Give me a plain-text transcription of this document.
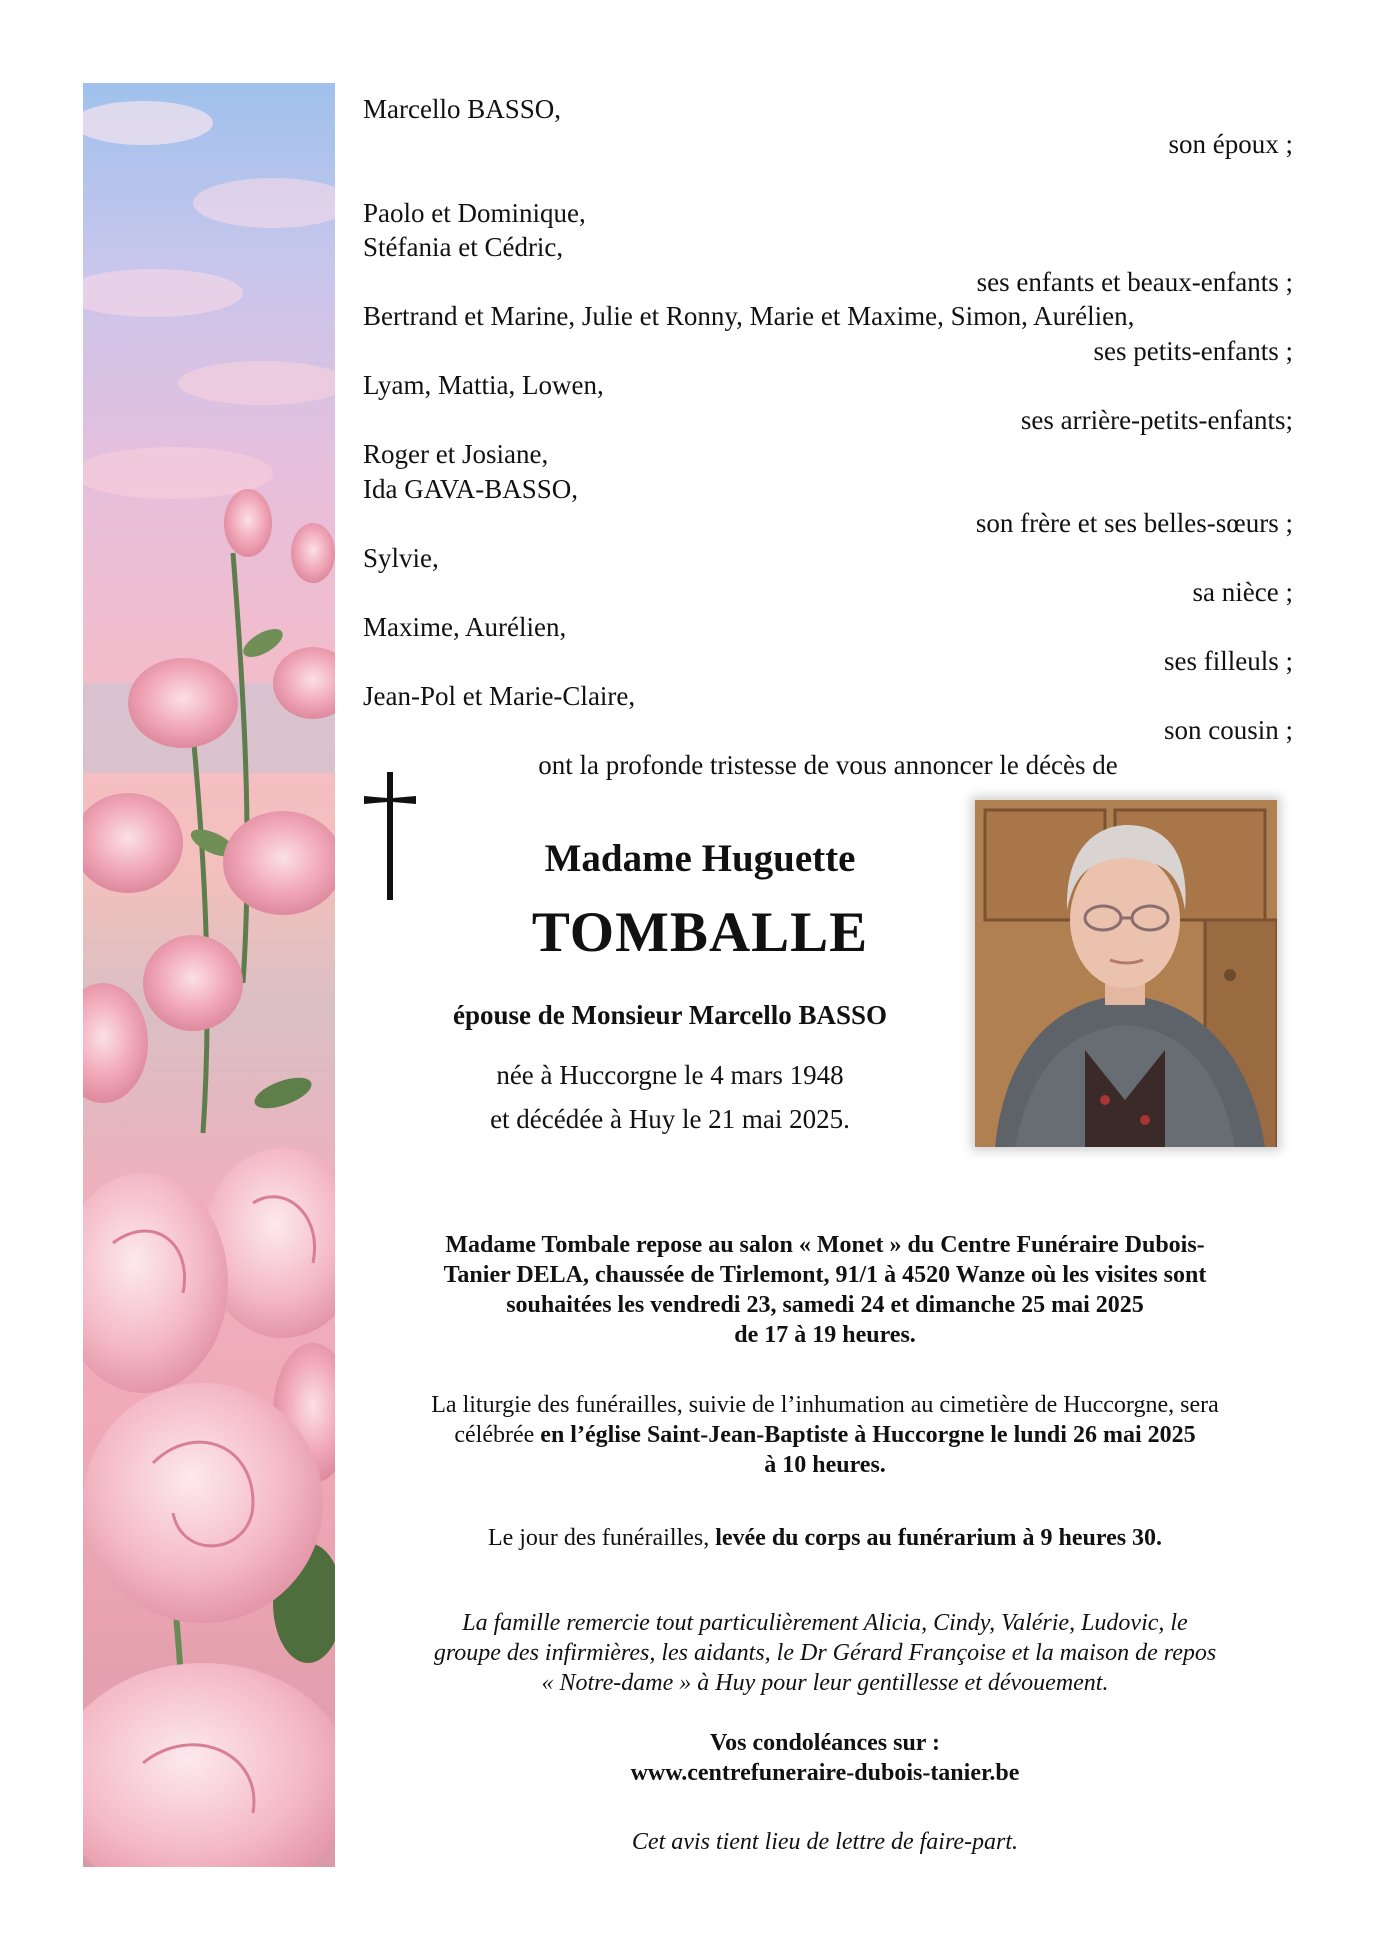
Marcello BASSO,
son époux ;
Paolo et Dominique,
Stéfania et Cédric,
ses enfants et beaux-enfants ;
Bertrand et Marine, Julie et Ronny, Marie et Maxime, Simon, Aurélien,
ses petits-enfants ;
Lyam, Mattia, Lowen,
ses arrière-petits-enfants;
Roger et Josiane,
Ida GAVA-BASSO,
son frère et ses belles-sœurs ;
Sylvie,
sa nièce ;
Maxime, Aurélien,
ses filleuls ;
Jean-Pol et Marie-Claire,
son cousin ;
ont la profonde tristesse de vous annoncer le décès de
Madame Huguette
TOMBALLE
épouse de Monsieur Marcello BASSO
née à Huccorgne le 4 mars 1948
et décédée à Huy le 21 mai 2025.
Madame Tombale repose au salon « Monet » du Centre Funéraire Dubois-
Tanier DELA, chaussée de Tirlemont, 91/1 à 4520 Wanze où les visites sont
souhaitées les vendredi 23, samedi 24 et dimanche 25 mai 2025
de 17 à 19 heures.
La liturgie des funérailles, suivie de l’inhumation au cimetière de Huccorgne, sera
célébrée en l’église Saint-Jean-Baptiste à Huccorgne le lundi 26 mai 2025
à 10 heures.
Le jour des funérailles, levée du corps au funérarium à 9 heures 30.
La famille remercie tout particulièrement Alicia, Cindy, Valérie, Ludovic, le
groupe des infirmières, les aidants, le Dr Gérard Françoise et la maison de repos
« Notre-dame » à Huy pour leur gentillesse et dévouement.
Vos condoléances sur :
www.centrefuneraire-dubois-tanier.be
Cet avis tient lieu de lettre de faire-part.
